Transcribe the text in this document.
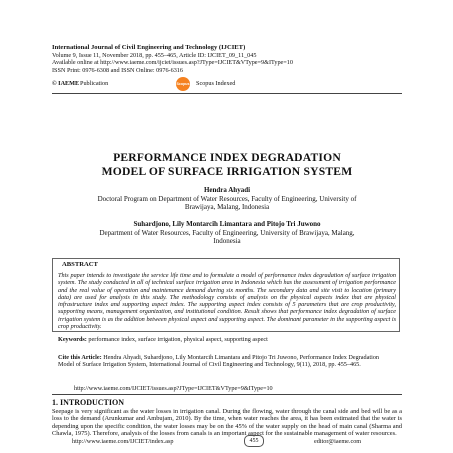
International Journal of Civil Engineering and Technology (IJCIET)
Volume 9, Issue 11, November 2018, pp. 455–465, Article ID: IJCIET_09_11_045
Available online at http://www.iaeme.com/ijciet/issues.asp?JType=IJCIET&VType=9&IType=10
ISSN Print: 0976-6308 and ISSN Online: 0976-6316
© IAEME Publication	Scopus Scopus Indexed
PERFORMANCE INDEX DEGRADATION
MODEL OF SURFACE IRRIGATION SYSTEM
Hendra Ahyadi
Doctoral Program on Department of Water Resources, Faculty of Engineering, University of
Brawijaya, Malang, Indonesia
Suhardjono, Lily Montarcih Limantara and Pitojo Tri Juwono
Department of Water Resources, Faculty of Engineering, University of Brawijaya, Malang,
Indonesia
ABSTRACT
This paper intends to investigate the service life time and to formulate a model of performance index degradation of surface irrigation system. The study conducted in all of technical surface irrigation area in Indonesia which has the assessment of irrigation performance and the real value of operation and maintenance demand during six months. The secondary data and site visit to location (primary data) are used for analysis in this study. The methodology consists of analysis on the physical aspects index that are physical infrastructure index and supporting aspect index. The supporting aspect index consists of 5 parameters that are crop productivity, supporting means, management organization, and institutional condition. Result shows that performance index degradation of surface irrigation system is as the addition between physical aspect and supporting aspect. The dominant parameter in the supporting aspect is crop productivity.
Keywords: performance index, surface irrigation, physical aspect, supporting aspect
Cite this Article: Hendra Ahyadi, Suhardjono, Lily Montarcih Limantara and Pitojo Tri Juwono, Performance Index Degradation Model of Surface Irrigation System, International Journal of Civil Engineering and Technology, 9(11), 2018, pp. 455–465.
http://www.iaeme.com/IJCIET/issues.asp?JType=IJCIET&VType=9&IType=10
1. INTRODUCTION
Seepage is very significant as the water losses in irrigation canal. During the flowing, water through the canal side and bed will be as a loss to the demand (Arunkumar and Ambujam, 2010). By the time, when water reaches the area, it has been estimated that the water is depending upon the specific condition, the water losses may be on the 45% of the water supply on the head of main canal (Sharma and Chawla, 1975). Therefore, analysis of the losses from canals is an important aspect for the sustainable management of water resources.
http://www.iaeme.com/IJCIET/index.asp	455	editor@iaeme.com
